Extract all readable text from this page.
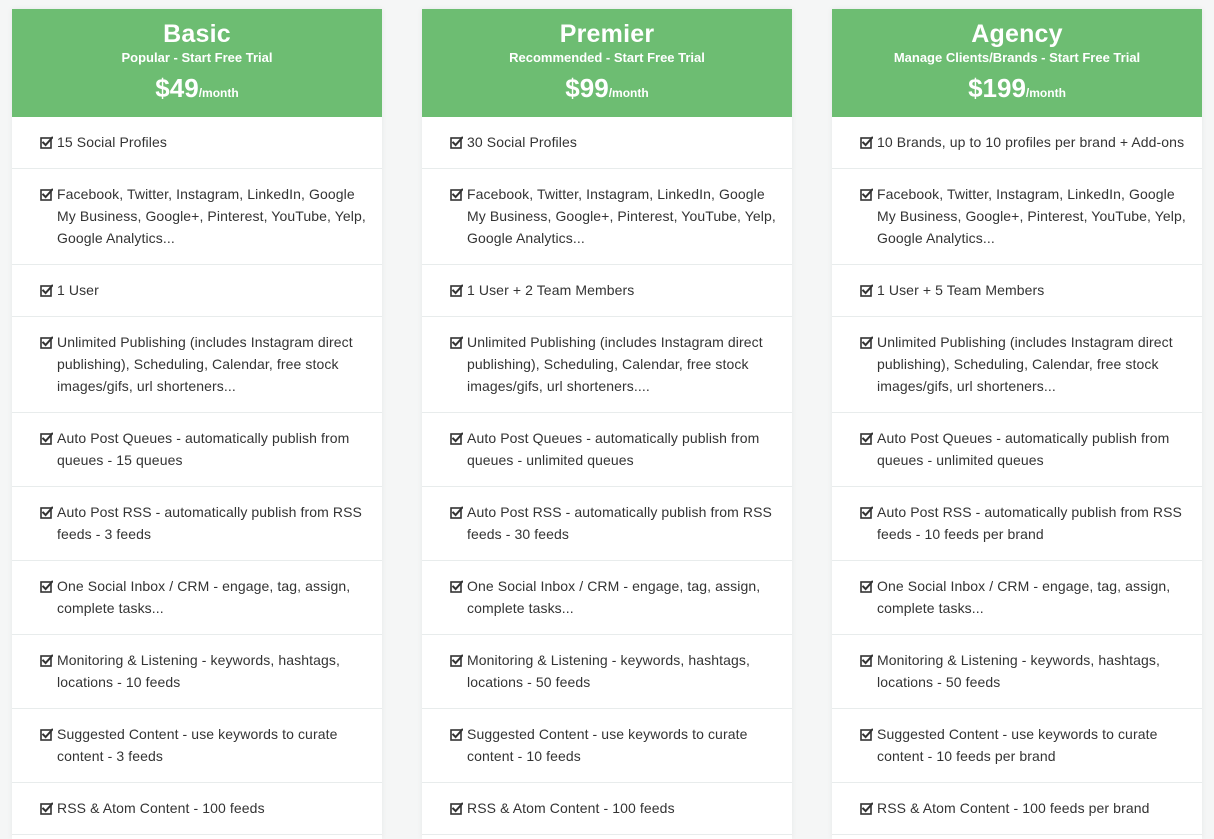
Basic
Popular - Start Free Trial
$49/month
15 Social Profiles
Facebook, Twitter, Instagram, LinkedIn, Google My Business, Google+, Pinterest, YouTube, Yelp, Google Analytics...
1 User
Unlimited Publishing (includes Instagram direct publishing), Scheduling, Calendar, free stock images/gifs, url shorteners...
Auto Post Queues - automatically publish from queues - 15 queues
Auto Post RSS - automatically publish from RSS feeds - 3 feeds
One Social Inbox / CRM - engage, tag, assign, complete tasks...
Monitoring & Listening - keywords, hashtags, locations - 10 feeds
Suggested Content - use keywords to curate content - 3 feeds
RSS & Atom Content - 100 feeds
Premier
Recommended - Start Free Trial
$99/month
30 Social Profiles
Facebook, Twitter, Instagram, LinkedIn, Google My Business, Google+, Pinterest, YouTube, Yelp, Google Analytics...
1 User + 2 Team Members
Unlimited Publishing (includes Instagram direct publishing), Scheduling, Calendar, free stock images/gifs, url shorteners....
Auto Post Queues - automatically publish from queues - unlimited queues
Auto Post RSS - automatically publish from RSS feeds - 30 feeds
One Social Inbox / CRM - engage, tag, assign, complete tasks...
Monitoring & Listening - keywords, hashtags, locations - 50 feeds
Suggested Content - use keywords to curate content - 10 feeds
RSS & Atom Content - 100 feeds
Agency
Manage Clients/Brands - Start Free Trial
$199/month
10 Brands, up to 10 profiles per brand + Add-ons
Facebook, Twitter, Instagram, LinkedIn, Google My Business, Google+, Pinterest, YouTube, Yelp, Google Analytics...
1 User + 5 Team Members
Unlimited Publishing (includes Instagram direct publishing), Scheduling, Calendar, free stock images/gifs, url shorteners...
Auto Post Queues - automatically publish from queues - unlimited queues
Auto Post RSS - automatically publish from RSS feeds - 10 feeds per brand
One Social Inbox / CRM - engage, tag, assign, complete tasks...
Monitoring & Listening - keywords, hashtags, locations - 50 feeds
Suggested Content - use keywords to curate content - 10 feeds per brand
RSS & Atom Content - 100 feeds per brand
